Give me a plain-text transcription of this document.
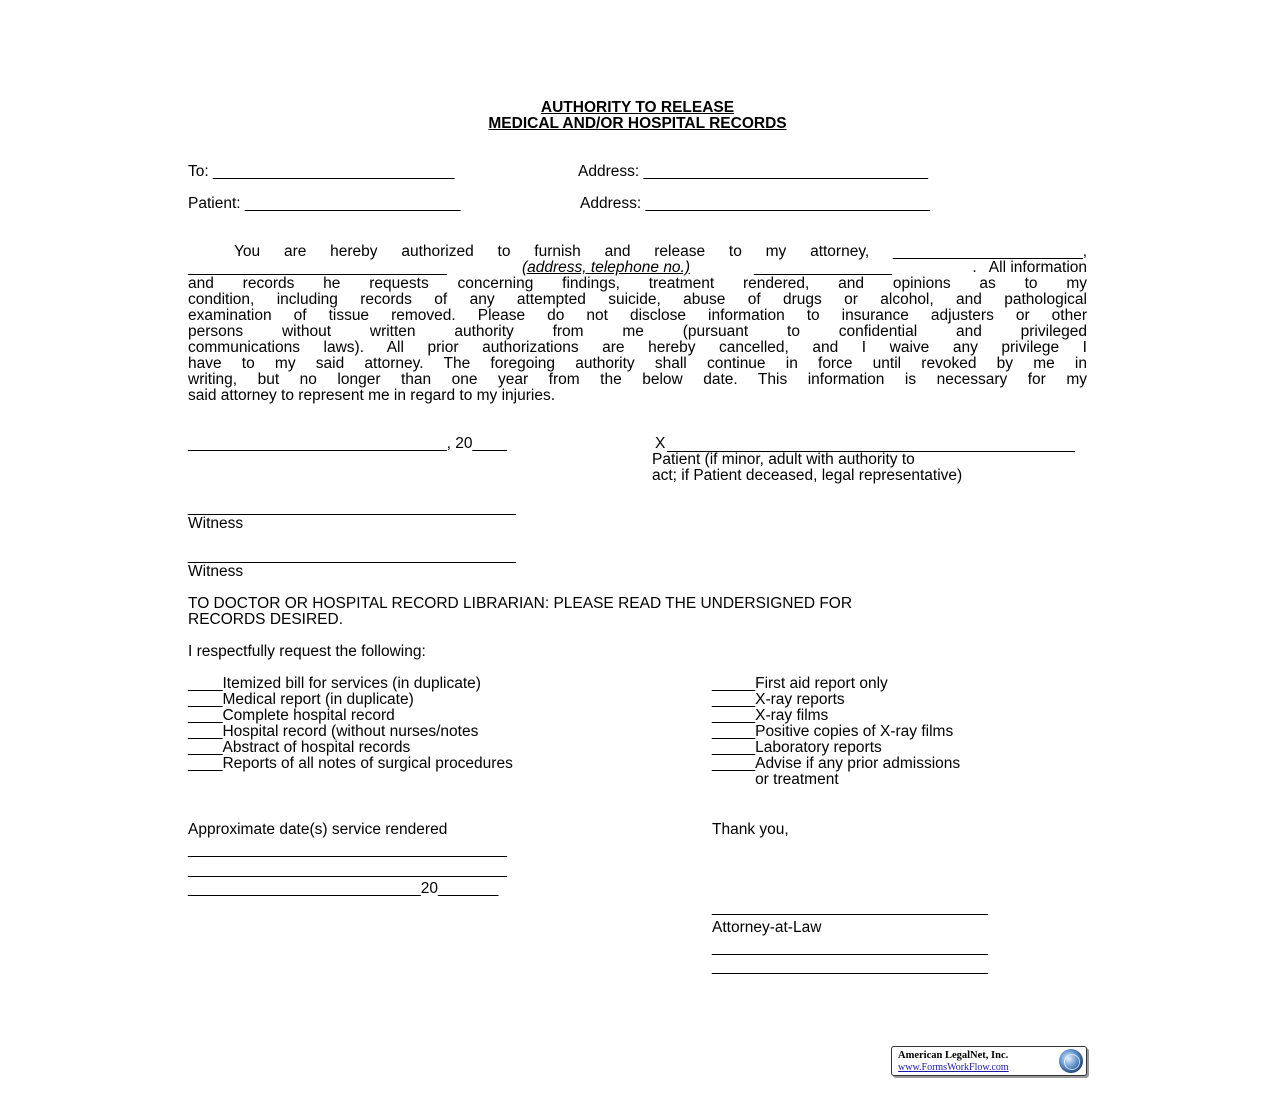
AUTHORITY TO RELEASE
MEDICAL AND/OR HOSPITAL RECORDS
To: ____________________________	Address: _________________________________
Patient: _________________________	Address: _________________________________
You are hereby authorized to furnish and release to my attorney, ______________________,
______________________________	(address, telephone no.)	________________	.   All information
and records he requests concerning findings, treatment rendered, and opinions as to my
condition, including records of any attempted suicide, abuse of drugs or alcohol, and pathological
examination of tissue removed. Please do not disclose information to insurance adjusters or other
persons without written authority from me (pursuant to confidential and privileged
communications laws). All prior authorizations are hereby cancelled, and I waive any privilege I
have to my said attorney. The foregoing authority shall continue in force until revoked by me in
writing, but no longer than one year from the below date. This information is necessary for my
said attorney to represent me in regard to my injuries.
______________________________, 20____	X
Patient (if minor, adult with authority to
act; if Patient deceased, legal representative)
______________________________________
Witness
______________________________________
Witness
TO DOCTOR OR HOSPITAL RECORD LIBRARIAN: PLEASE READ THE UNDERSIGNED FOR
RECORDS DESIRED.
I respectfully request the following:
____Itemized bill for services (in duplicate)
____Medical report (in duplicate)
____Complete hospital record
____Hospital record (without nurses/notes
____Abstract of hospital records
____Reports of all notes of surgical procedures
_____First aid report only
_____X-ray reports
_____X-ray films
_____Positive copies of X-ray films
_____Laboratory reports
_____Advise if any prior admissions
or treatment
Approximate date(s) service rendered
_____________________________________
_____________________________________
___________________________20_______
Thank you,
________________________________
Attorney-at-Law
________________________________
________________________________
American LegalNet, Inc.
www.FormsWorkFlow.com
